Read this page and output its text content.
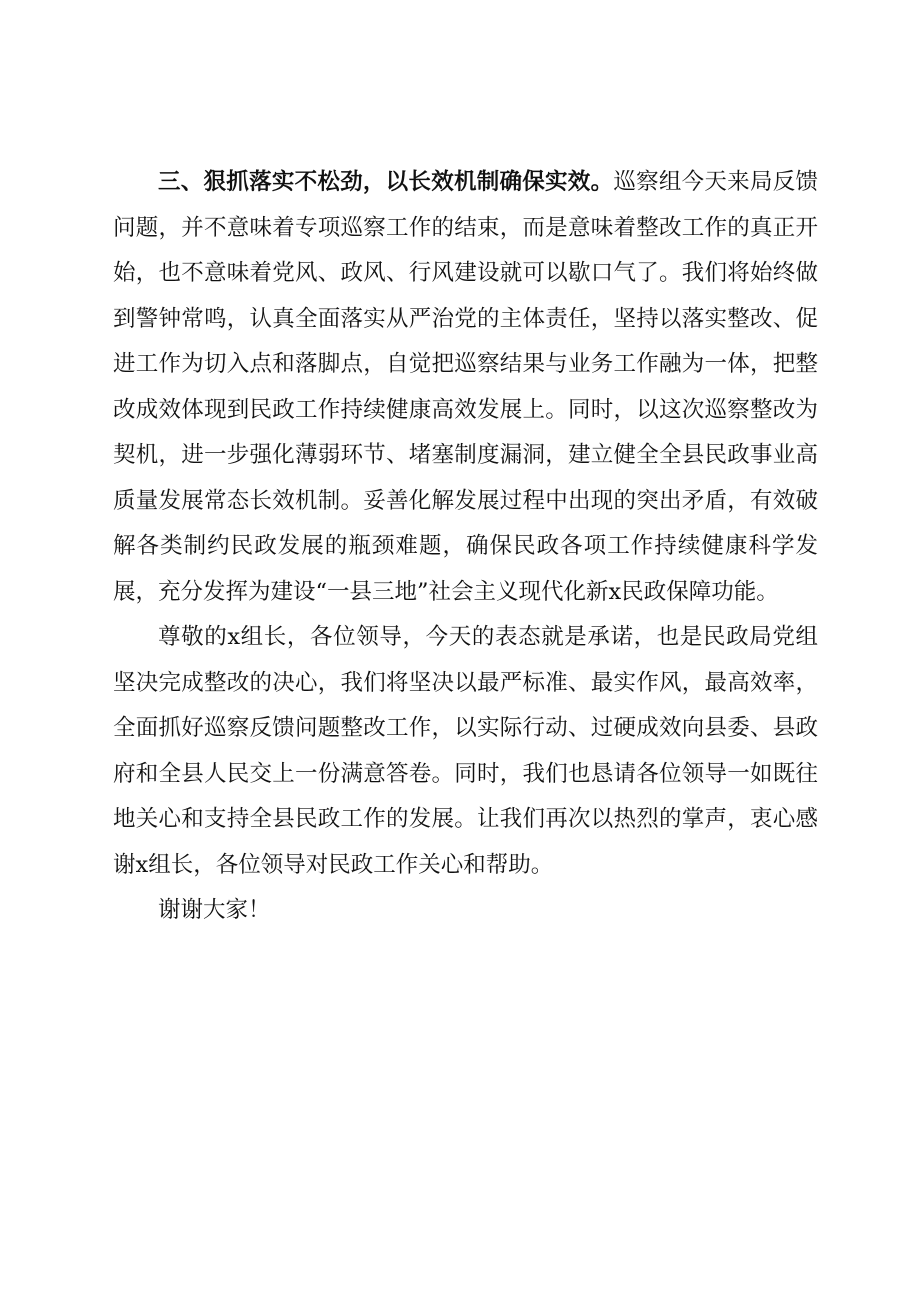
三、狠抓落实不松劲，以长效机制确保实效。巡察组今天来局反馈问题，并不意味着专项巡察工作的结束，而是意味着整改工作的真正开始，也不意味着党风、政风、行风建设就可以歇口气了。我们将始终做到警钟常鸣，认真全面落实从严治党的主体责任，坚持以落实整改、促进工作为切入点和落脚点，自觉把巡察结果与业务工作融为一体，把整改成效体现到民政工作持续健康高效发展上。同时，以这次巡察整改为契机，进一步强化薄弱环节、堵塞制度漏洞，建立健全全县民政事业高质量发展常态长效机制。妥善化解发展过程中出现的突出矛盾，有效破解各类制约民政发展的瓶颈难题，确保民政各项工作持续健康科学发展，充分发挥为建设“一县三地”社会主义现代化新x民政保障功能。

尊敬的x组长，各位领导，今天的表态就是承诺，也是民政局党组坚决完成整改的决心，我们将坚决以最严标准、最实作风，最高效率，全面抓好巡察反馈问题整改工作，以实际行动、过硬成效向县委、县政府和全县人民交上一份满意答卷。同时，我们也恳请各位领导一如既往地关心和支持全县民政工作的发展。让我们再次以热烈的掌声，衷心感谢x组长，各位领导对民政工作关心和帮助。

谢谢大家！
